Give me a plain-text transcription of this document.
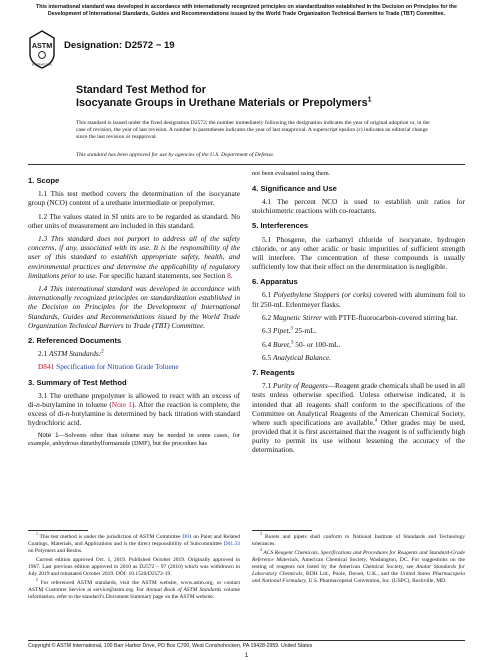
This international standard was developed in accordance with internationally recognized principles on standardization established in the Decision on Principles for the Development of International Standards, Guides and Recommendations issued by the World Trade Organization Technical Barriers to Trade (TBT) Committee.
ASTM
INTERNATIONAL
Designation: D2572 − 19
Standard Test Method for
Isocyanate Groups in Urethane Materials or Prepolymers$^1$
This standard is issued under the fixed designation D2572; the number immediately following the designation indicates the year of original adoption or, in the case of revision, the year of last revision. A number in parentheses indicates the year of last reapproval. A superscript epsilon (ε) indicates an editorial change since the last revision or reapproval.
This standard has been approved for use by agencies of the U.S. Department of Defense.
1. Scope

1.1 This test method covers the determination of the isocyanate group (NCO) content of a urethane intermediate or prepolymer.

1.2 The values stated in SI units are to be regarded as standard. No other units of measurement are included in this standard.

1.3 This standard does not purport to address all of the safety concerns, if any, associated with its use. It is the responsibility of the user of this standard to establish appropriate safety, health, and environmental practices and determine the applicability of regulatory limitations prior to use. For specific hazard statements, see Section 8.

1.4 This international standard was developed in accordance with internationally recognized principles on standardization established in the Decision on Principles for the Development of International Standards, Guides and Recommendations issued by the World Trade Organization Technical Barriers to Trade (TBT) Committee.

2. Referenced Documents

2.1 ASTM Standards:$^2$

D841 Specification for Nitration Grade Toluene

3. Summary of Test Method

3.1 The urethane prepolymer is allowed to react with an excess of di-n-butylamine in toluene (Note 1). After the reaction is complete, the excess of di-n-butylamine is determined by back titration with standard hydrochloric acid.

Note 1—Solvents other than toluene may be needed in some cases, for example, anhydrous dimethylformamide (DMF), but the procedure has

not been evaluated using them.

4. Significance and Use

4.1 The percent NCO is used to establish unit ratios for stoichiometric reactions with co-reactants.

5. Interferences

5.1 Phosgene, the carbamyl chloride of isocyanate, hydrogen chloride, or any other acidic or basic impurities of sufficient strength will interfere. The concentration of these compounds is usually sufficiently low that their effect on the determination is negligible.

6. Apparatus

6.1 Polyethylene Stoppers (or corks) covered with aluminum foil to fit 250-mL Erlenmeyer flasks.

6.2 Magnetic Stirrer with PTFE-fluorocarbon-covered stirring bar.

6.3 Pipet,$^3$ 25-mL.

6.4 Buret,$^3$ 50- or 100-mL.

6.5 Analytical Balance.

7. Reagents

7.1 Purity of Reagents—Reagent grade chemicals shall be used in all tests unless otherwise specified. Unless otherwise indicated, it is intended that all reagents shall conform to the specifications of the Committee on Analytical Reagents of the American Chemical Society, where such specifications are available.$^4$ Other grades may be used, provided that it is first ascertained that the reagent is of sufficiently high purity to permit its use without lessening the accuracy of the determination.

$^1$ This test method is under the jurisdiction of ASTM Committee D01 on Paint and Related Coatings, Materials, and Applications and is the direct responsibility of Subcommittee D01.33 on Polymers and Resins.

Current edition approved Oct. 1, 2019. Published October 2019. Originally approved in 1967. Last previous edition approved in 2010 as D2572 – 97 (2010) which was withdrawn in July 2019 and reinstated October 2019. DOI: 10.1520/D2572-19.

$^2$ For referenced ASTM standards, visit the ASTM website, www.astm.org, or contact ASTM Customer Service at service@astm.org. For Annual Book of ASTM Standards volume information, refer to the standard’s Document Summary page on the ASTM website.

$^3$ Burets and pipets shall conform to National Institute of Standards and Technology tolerances.

$^4$ ACS Reagent Chemicals, Specifications and Procedures for Reagents and Standard-Grade Reference Materials, American Chemical Society, Washington, DC. For suggestions on the testing of reagents not listed by the American Chemical Society, see Analar Standards for Laboratory Chemicals, BDH Ltd., Poole, Dorset, U.K., and the United States Pharmacopeia and National Formulary, U.S. Pharmacopeial Convention, Inc. (USPC), Rockville, MD.

Copyright © ASTM International, 100 Barr Harbor Drive, PO Box C700, West Conshohocken, PA 19428-2959. United States
1
